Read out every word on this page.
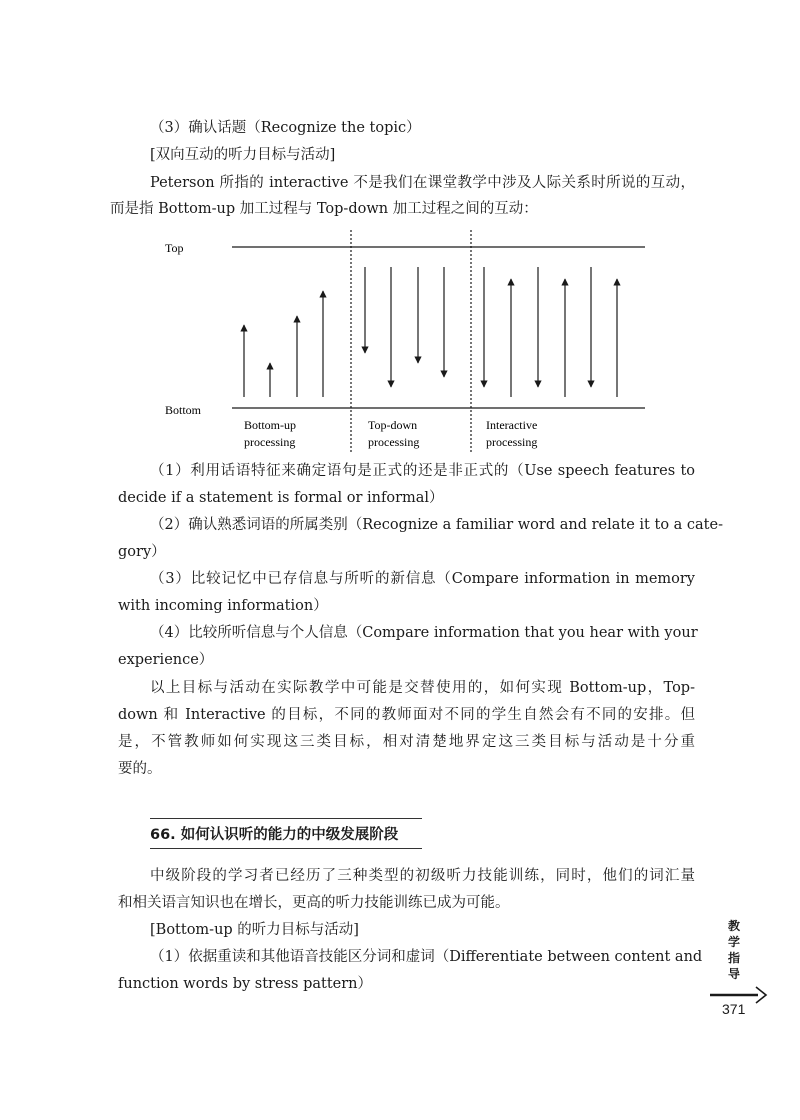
（3）确认话题（Recognize the topic）
[双向互动的听力目标与活动]
Peterson 所指的 interactive 不是我们在课堂教学中涉及人际关系时所说的互动，
而是指 Bottom-up 加工过程与 Top-down 加工过程之间的互动：
Top
Bottom
Bottom-up
processing
Top-down
processing
Interactive
processing
（1）利用话语特征来确定语句是正式的还是非正式的（Use speech features to
decide if a statement is formal or informal）
（2）确认熟悉词语的所属类别（Recognize a familiar word and relate it to a cate-
gory）
（3）比较记忆中已存信息与所听的新信息（Compare information in memory
with incoming information）
（4）比较所听信息与个人信息（Compare information that you hear with your
experience）
以上目标与活动在实际教学中可能是交替使用的，如何实现 Bottom-up，Top-
down 和 Interactive 的目标，不同的教师面对不同的学生自然会有不同的安排。但
是，不管教师如何实现这三类目标，相对清楚地界定这三类目标与活动是十分重
要的。
66. 如何认识听的能力的中级发展阶段
中级阶段的学习者已经历了三种类型的初级听力技能训练，同时，他们的词汇量
和相关语言知识也在增长，更高的听力技能训练已成为可能。
[Bottom-up 的听力目标与活动]
（1）依据重读和其他语音技能区分词和虚词（Differentiate between content and
function words by stress pattern）
教
学
指
导
371
